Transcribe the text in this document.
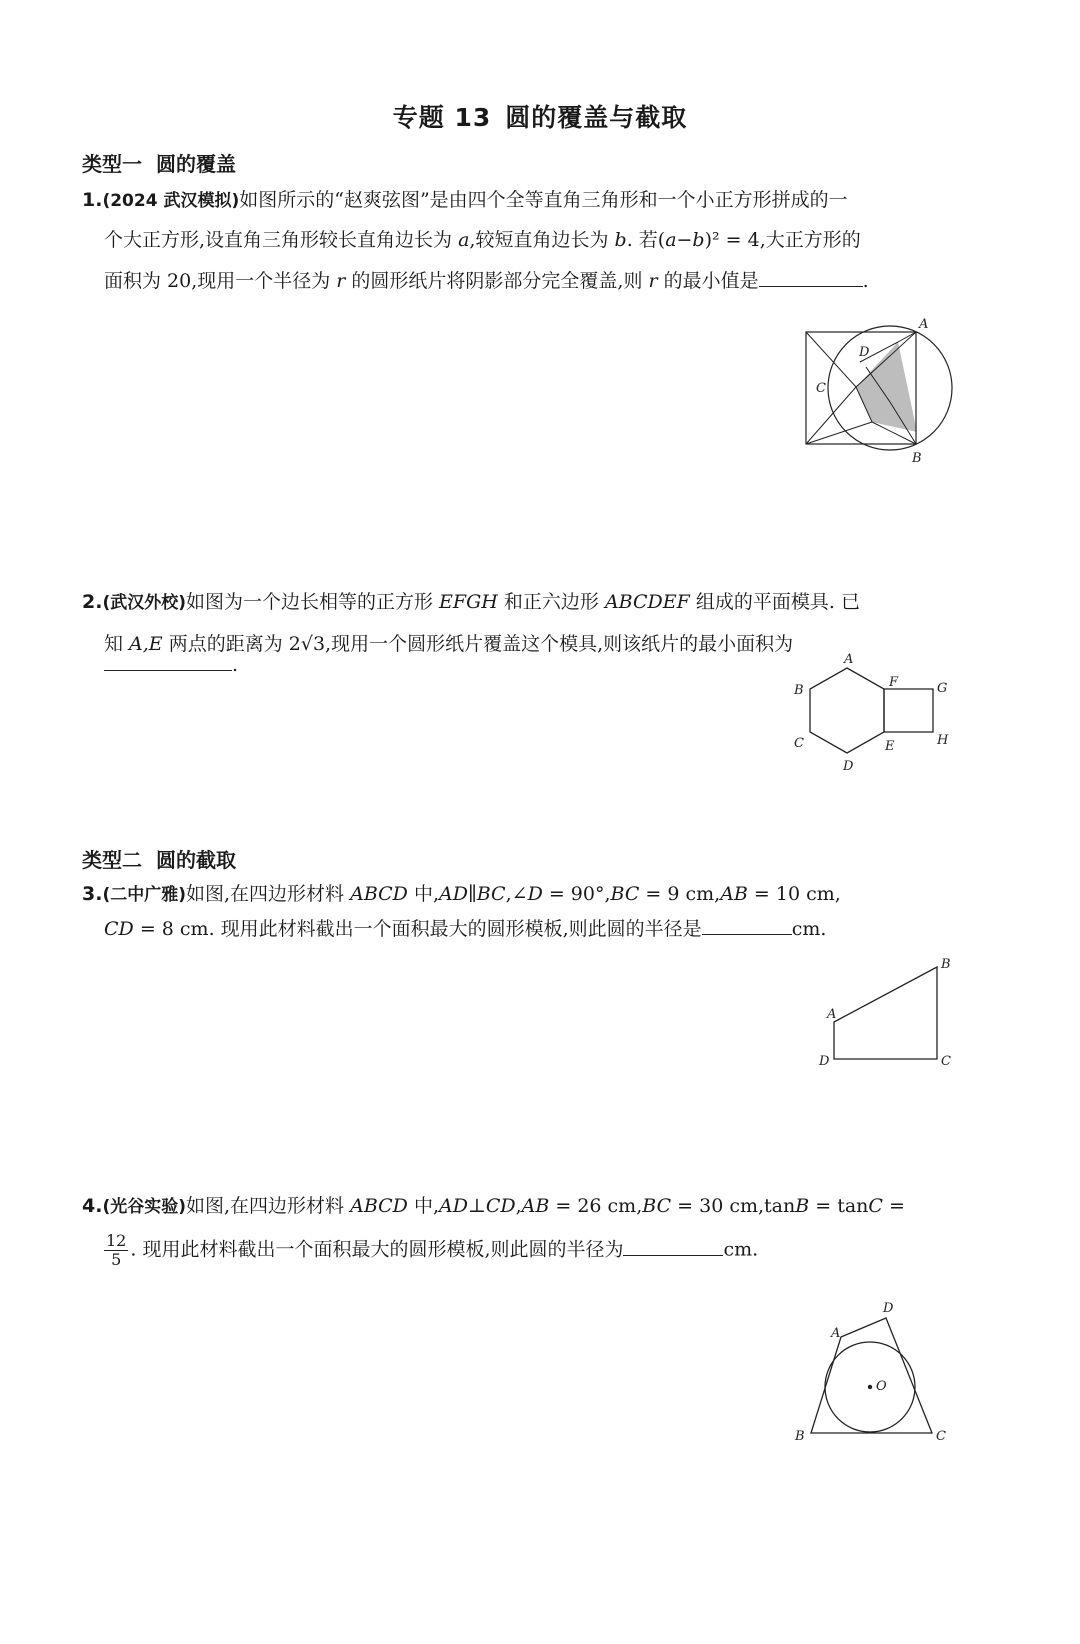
专题 13 圆的覆盖与截取
类型一 圆的覆盖
1.(2024 武汉模拟)如图所示的“赵爽弦图”是由四个全等直角三角形和一个小正方形拼成的一
个大正方形,设直角三角形较长直角边长为 a,较短直角边长为 b. 若(a−b)² = 4,大正方形的
面积为 20,现用一个半径为 r 的圆形纸片将阴影部分完全覆盖,则 r 的最小值是	.
A
B
C
D
2.(武汉外校)如图为一个边长相等的正方形 EFGH 和正六边形 ABCDEF 组成的平面模具. 已
知 A,E 两点的距离为 2√3,现用一个圆形纸片覆盖这个模具,则该纸片的最小面积为
.	A
B
C
D
E
F	G
H
类型二 圆的截取
3.(二中广雅)如图,在四边形材料 ABCD 中,AD∥BC,∠D = 90°,BC = 9 cm,AB = 10 cm,
CD = 8 cm. 现用此材料截出一个面积最大的圆形模板,则此圆的半径是	cm.
A
B
C
D
4.(光谷实验)如图,在四边形材料 ABCD 中,AD⊥CD,AB = 26 cm,BC = 30 cm,tanB = tanC =
$\frac{12}{5}$ . 现用此材料截出一个面积最大的圆形模板,则此圆的半径为	cm.
A
B	C
D
O
